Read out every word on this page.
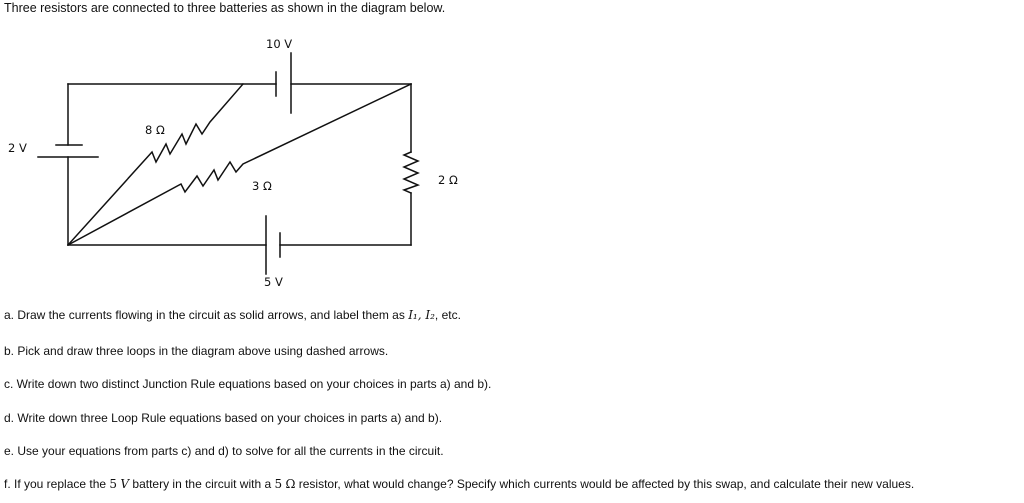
Three resistors are connected to three batteries as shown in the diagram below.
10 V
2 V
5 V
8 Ω
3 Ω	2 Ω
a. Draw the currents flowing in the circuit as solid arrows, and label them as I₁, I₂, etc.
b. Pick and draw three loops in the diagram above using dashed arrows.
c. Write down two distinct Junction Rule equations based on your choices in parts a) and b).
d. Write down three Loop Rule equations based on your choices in parts a) and b).
e. Use your equations from parts c) and d) to solve for all the currents in the circuit.
f. If you replace the 5 V battery in the circuit with a 5 Ω resistor, what would change? Specify which currents would be affected by this swap, and calculate their new values.
